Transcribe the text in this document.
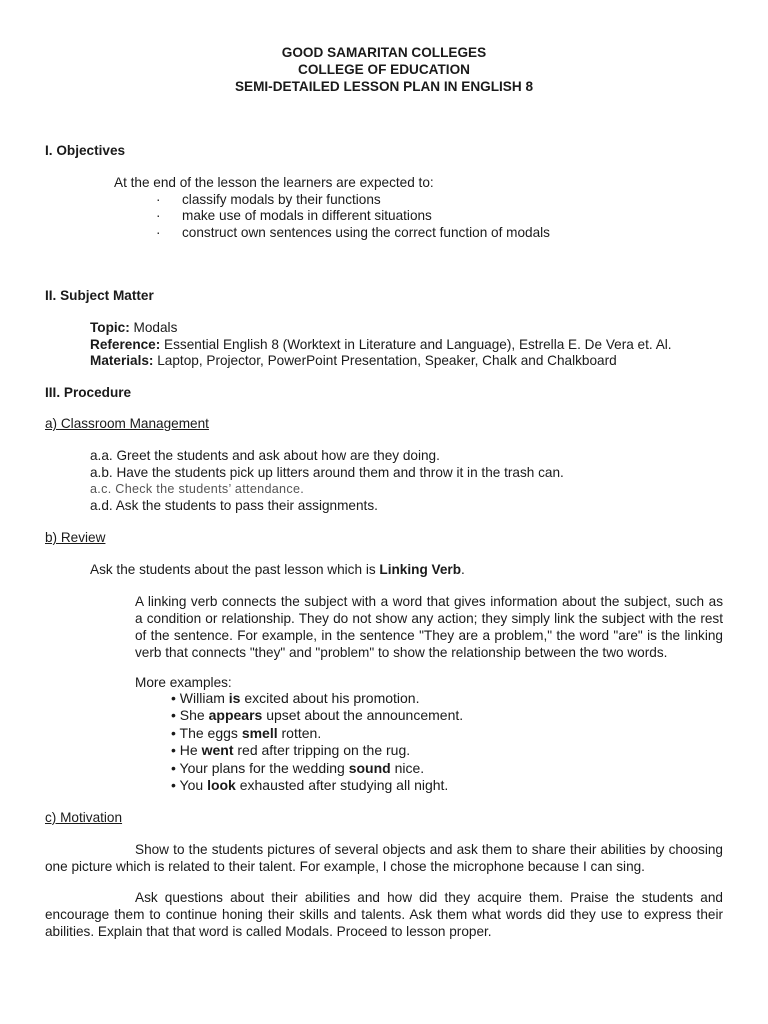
GOOD SAMARITAN COLLEGES
COLLEGE OF EDUCATION
SEMI-DETAILED LESSON PLAN IN ENGLISH 8
I. Objectives
At the end of the lesson the learners are expected to:
· classify modals by their functions
· make use of modals in different situations
· construct own sentences using the correct function of modals
II. Subject Matter
Topic: Modals
Reference: Essential English 8 (Worktext in Literature and Language), Estrella E. De Vera et. Al.
Materials: Laptop, Projector, PowerPoint Presentation, Speaker, Chalk and Chalkboard
III. Procedure
a) Classroom Management
a.a. Greet the students and ask about how are they doing.
a.b. Have the students pick up litters around them and throw it in the trash can.
a.c. Check the students’ attendance.
a.d. Ask the students to pass their assignments.
b) Review
Ask the students about the past lesson which is Linking Verb.
A linking verb connects the subject with a word that gives information about the subject, such as
a condition or relationship. They do not show any action; they simply link the subject with the rest
of the sentence. For example, in the sentence "They are a problem," the word "are" is the linking
verb that connects "they" and "problem" to show the relationship between the two words.
More examples:
• William is excited about his promotion.
• She appears upset about the announcement.
• The eggs smell rotten.
• He went red after tripping on the rug.
• Your plans for the wedding sound nice.
• You look exhausted after studying all night.
c) Motivation
Show to the students pictures of several objects and ask them to share their abilities by choosing
one picture which is related to their talent. For example, I chose the microphone because I can sing.
Ask questions about their abilities and how did they acquire them. Praise the students and
encourage them to continue honing their skills and talents. Ask them what words did they use to express their
abilities. Explain that that word is called Modals. Proceed to lesson proper.
